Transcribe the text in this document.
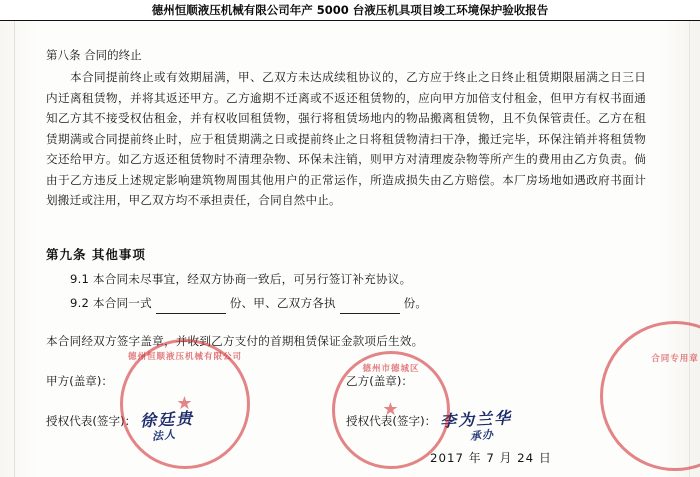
德州恒顺液压机械有限公司年产 5000 台液压机具项目竣工环境保护验收报告
第八条 合同的终止
本合同提前终止或有效期届满，甲、乙双方未达成续租协议的，乙方应于终止之日终止租赁期限届满之日三日内迁离租赁物，并将其返还甲方。乙方逾期不迁离或不返还租赁物的，应向甲方加倍支付租金，但甲方有权书面通知乙方其不接受权估租金，并有权收回租赁物，强行将租赁场地内的物品搬离租赁物，且不负保管责任。乙方在租赁期满或合同提前终止时，应于租赁期满之日或提前终止之日将租赁物清扫干净，搬迁完毕，环保注销并将租赁物交还给甲方。如乙方返还租赁物时不清理杂物、环保未注销，则甲方对清理废杂物等所产生的费用由乙方负责。倘由于乙方违反上述规定影响建筑物周围其他用户的正常运作，所造成损失由乙方赔偿。本厂房场地如遇政府书面计划搬迁或注用，甲乙双方均不承担责任，合同自然中止。
第九条 其他事项
9.1 本合同未尽事宜，经双方协商一致后，可另行签订补充协议。
9.2 本合同一式	份、甲、乙双方各执	份。
本合同经双方签字盖章，并收到乙方支付的首期租赁保证金款项后生效。
甲方(盖章)：	乙方(盖章)：
授权代表(签字)： 徐廷贵	授权代表(签字)： 李为兰华
法人	承办
2017 年 7 月 24 日
★
德州恒顺液压机械有限公司
★
德州市德城区
合同专用章
